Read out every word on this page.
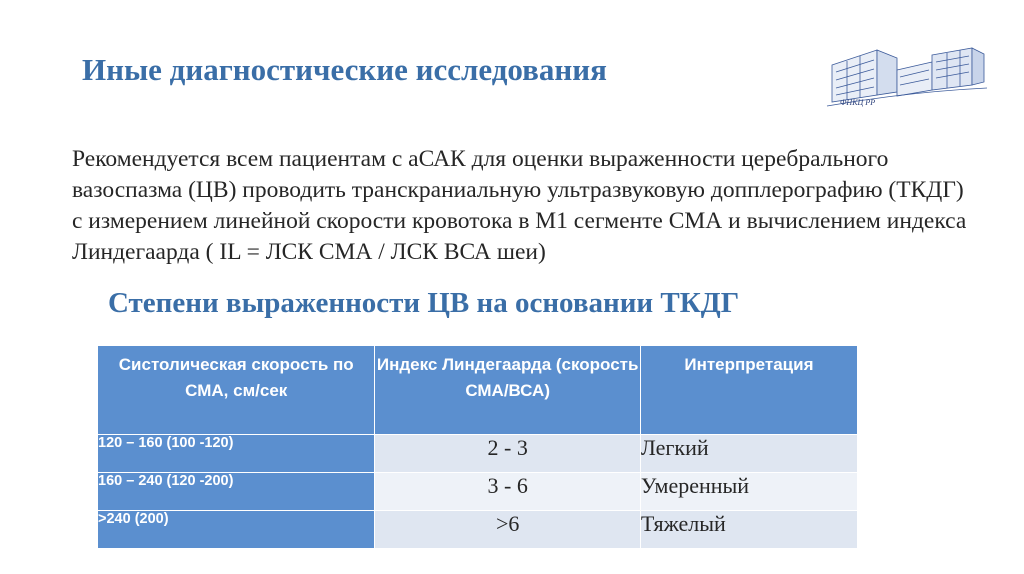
Иные диагностические исследования
ФНКЦ РР
Рекомендуется всем пациентам с аСАК для оценки выраженности церебрального вазоспазма (ЦВ) проводить транскраниальную ультразвуковую допплерографию (ТКДГ) с измерением линейной скорости кровотока в М1 сегменте СМА и вычислением индекса Линдегаарда ( IL = ЛСК СМА / ЛСК ВСА шеи)
Степени выраженности ЦВ на основании ТКДГ
Систолическая скорость по СМА, см/сек	Индекс Линдегаарда (скорость СМА/ВСА)	Интерпретация
120 – 160 (100 -120)	2 - 3	Легкий
160 – 240 (120 -200)	3 - 6	Умеренный
>240 (200)	>6	Тяжелый
